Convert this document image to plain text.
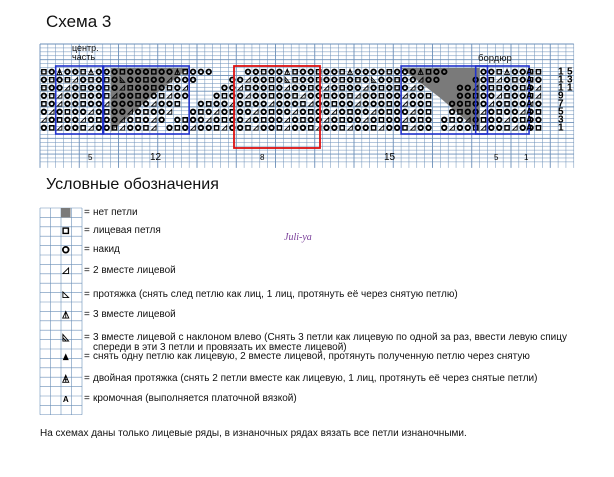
Схема 3
A	1 5
A	1 3
A	1 1
A	9
A	7
A	5
A	3
A	1
5	12	8	15	5	1
центр. часть	бордюр
Условные обозначения
A
= нет петли
= лицевая петля
= накид
= 2 вместе лицевой
= протяжка (снять след петлю как лиц, 1 лиц, протянуть её через снятую петлю)
= 3 вместе лицевой
= 3 вместе лицевой с наклоном влево (Снять 3 петли как лицевую по одной за раз, ввести левую спицу
спереди в эти 3 петли и провязать их вместе лицевой)
= снять одну петлю как лицевую, 2 вместе лицевой, протянуть полученную петлю через снятую
= двойная протяжка (снять 2 петли вместе как лицевую, 1 лиц, протянуть её через снятые петли)
= кромочная (выполняется платочной вязкой)
Juli-ya
На схемах даны только лицевые ряды, в изнаночных рядах вязать все петли изнаночными.
